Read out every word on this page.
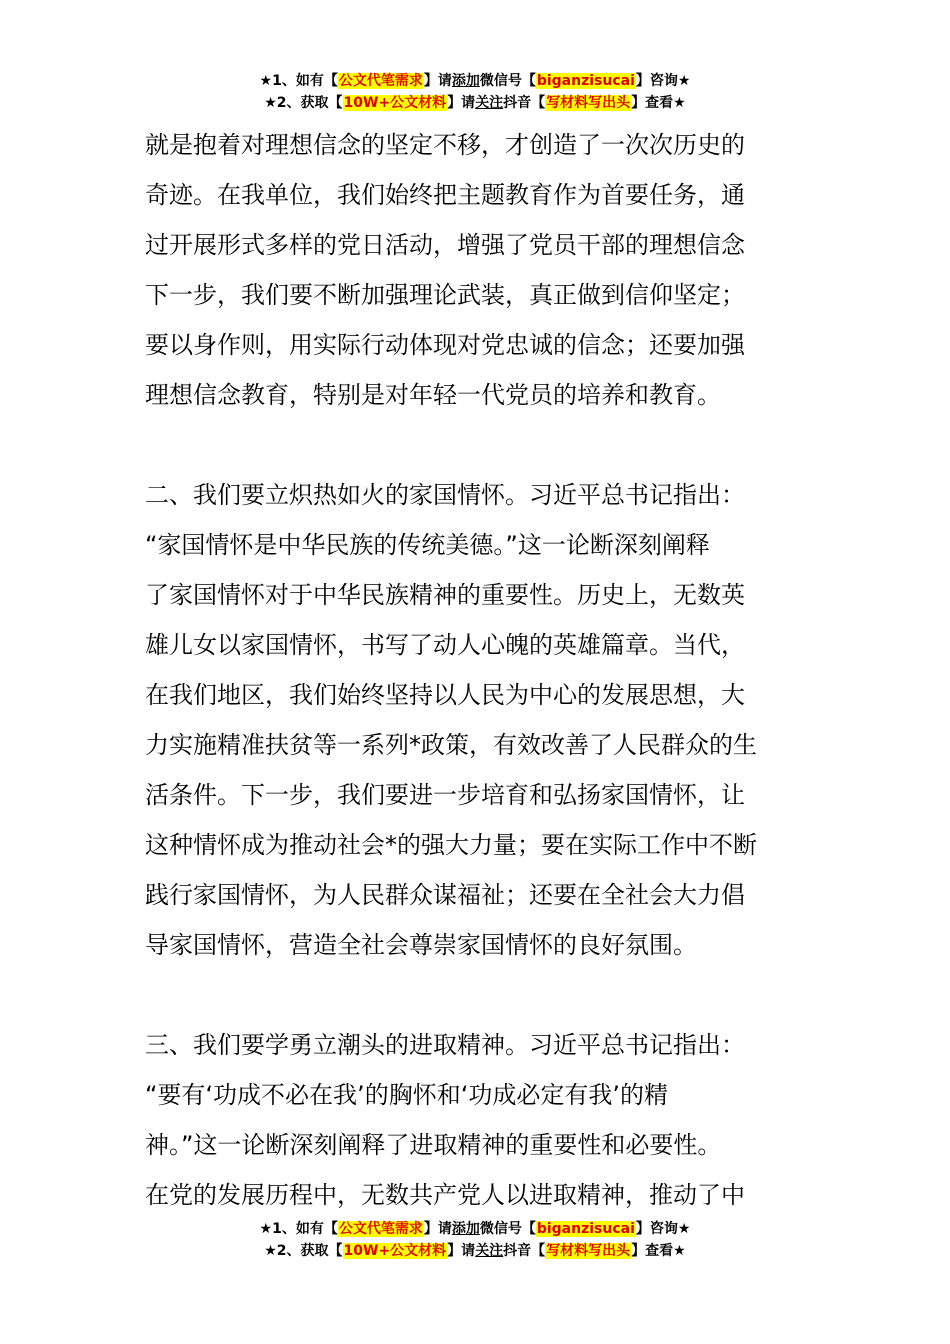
★1、如有【公文代笔需求】请添加微信号【biganzisucai】咨询★
★2、获取【10W+公文材料】请关注抖音【写材料写出头】查看★

就是抱着对理想信念的坚定不移，才创造了一次次历史的
奇迹。在我单位，我们始终把主题教育作为首要任务，通
过开展形式多样的党日活动，增强了党员干部的理想信念
下一步，我们要不断加强理论武装，真正做到信仰坚定；
要以身作则，用实际行动体现对党忠诚的信念；还要加强
理想信念教育，特别是对年轻一代党员的培养和教育。

二、我们要立炽热如火的家国情怀。习近平总书记指出：
“家国情怀是中华民族的传统美德。”这一论断深刻阐释
了家国情怀对于中华民族精神的重要性。历史上，无数英
雄儿女以家国情怀，书写了动人心魄的英雄篇章。当代，
在我们地区，我们始终坚持以人民为中心的发展思想，大
力实施精准扶贫等一系列*政策，有效改善了人民群众的生
活条件。下一步，我们要进一步培育和弘扬家国情怀，让
这种情怀成为推动社会*的强大力量；要在实际工作中不断
践行家国情怀，为人民群众谋福祉；还要在全社会大力倡
导家国情怀，营造全社会尊崇家国情怀的良好氛围。

三、我们要学勇立潮头的进取精神。习近平总书记指出：
“要有‘功成不必在我’的胸怀和‘功成必定有我’的精
神。”这一论断深刻阐释了进取精神的重要性和必要性。
在党的发展历程中，无数共产党人以进取精神，推动了中

★1、如有【公文代笔需求】请添加微信号【biganzisucai】咨询★
★2、获取【10W+公文材料】请关注抖音【写材料写出头】查看★
